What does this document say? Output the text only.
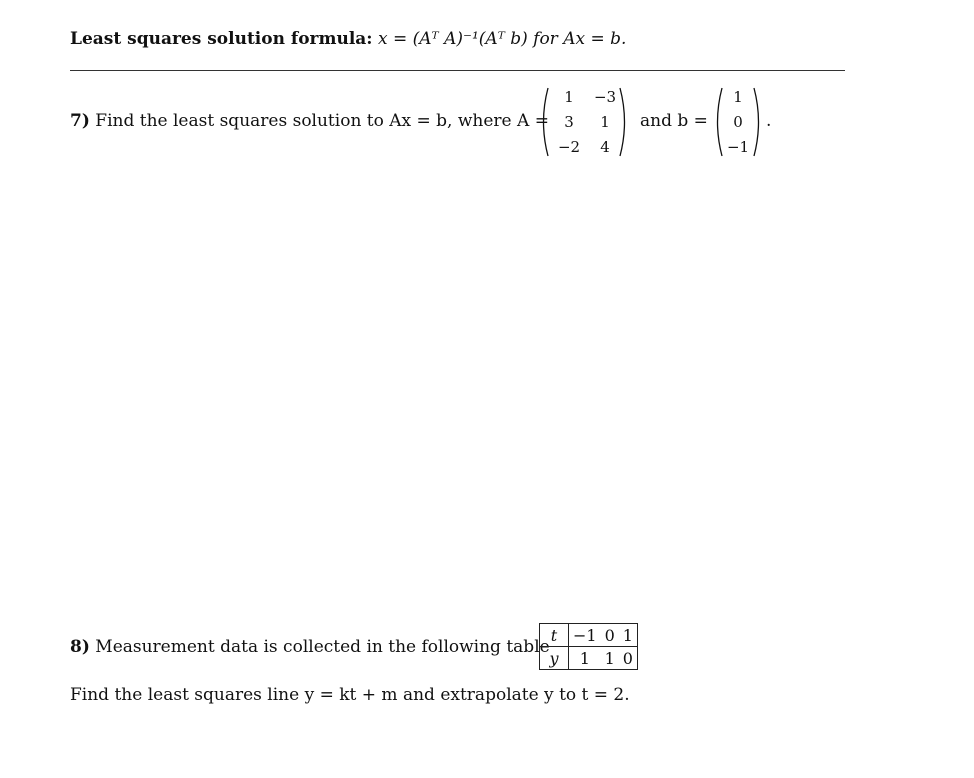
Least squares solution formula: x = (Aᵀ A)⁻¹(Aᵀ b) for Ax = b.
7) Find the least squares solution to Ax = b, where A =
1	−3
3	1
−2	4
and b =
1
0
−1
.
8) Measurement data is collected in the following table
t	−1	0	1
y	1	1	0
Find the least squares line y = kt + m and extrapolate y to t = 2.
